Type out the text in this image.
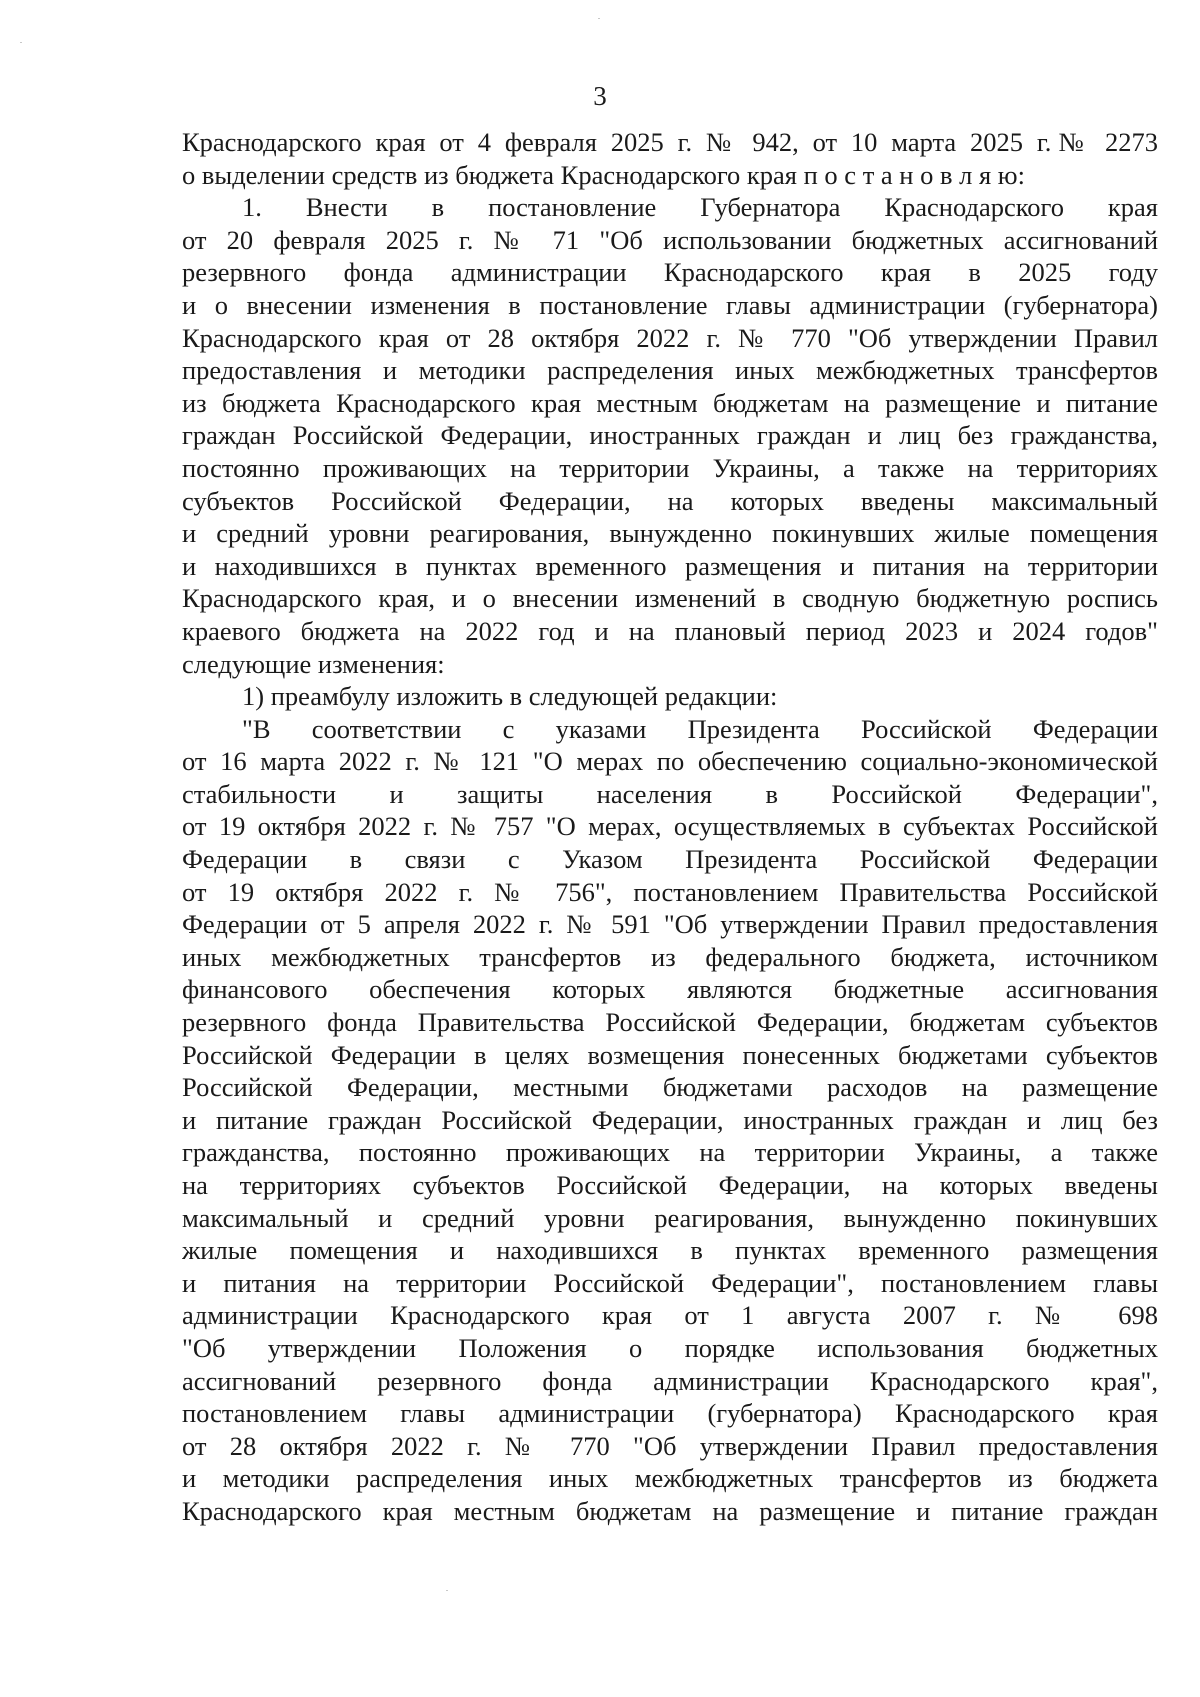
3
Краснодарского края от 4 февраля 2025 г. № 942, от 10 марта 2025 г.№ 2273
о выделении средств из бюджета Краснодарского края п о с т а н о в л я ю:
1. Внести в постановление Губернатора Краснодарского края
от 20 февраля 2025 г. № 71 "Об использовании бюджетных ассигнований
резервного фонда администрации Краснодарского края в 2025 году
и о внесении изменения в постановление главы администрации (губернатора)
Краснодарского края от 28 октября 2022 г. № 770 "Об утверждении Правил
предоставления и методики распределения иных межбюджетных трансфертов
из бюджета Краснодарского края местным бюджетам на размещение и питание
граждан Российской Федерации, иностранных граждан и лиц без гражданства,
постоянно проживающих на территории Украины, а также на территориях
субъектов Российской Федерации, на которых введены максимальный
и средний уровни реагирования, вынужденно покинувших жилые помещения
и находившихся в пунктах временного размещения и питания на территории
Краснодарского края, и о внесении изменений в сводную бюджетную роспись
краевого бюджета на 2022 год и на плановый период 2023 и 2024 годов"
следующие изменения:
1) преамбулу изложить в следующей редакции:
"В соответствии с указами Президента Российской Федерации
от 16 марта 2022 г. № 121 "О мерах по обеспечению социально-экономической
стабильности и защиты населения в Российской Федерации",
от 19 октября 2022 г. № 757 "О мерах, осуществляемых в субъектах Российской
Федерации в связи с Указом Президента Российской Федерации
от 19 октября 2022 г. № 756", постановлением Правительства Российской
Федерации от 5 апреля 2022 г. № 591 "Об утверждении Правил предоставления
иных межбюджетных трансфертов из федерального бюджета, источником
финансового обеспечения которых являются бюджетные ассигнования
резервного фонда Правительства Российской Федерации, бюджетам субъектов
Российской Федерации в целях возмещения понесенных бюджетами субъектов
Российской Федерации, местными бюджетами расходов на размещение
и питание граждан Российской Федерации, иностранных граждан и лиц без
гражданства, постоянно проживающих на территории Украины, а также
на территориях субъектов Российской Федерации, на которых введены
максимальный и средний уровни реагирования, вынужденно покинувших
жилые помещения и находившихся в пунктах временного размещения
и питания на территории Российской Федерации", постановлением главы
администрации Краснодарского края от 1 августа 2007 г. № 698
"Об утверждении Положения о порядке использования бюджетных
ассигнований резервного фонда администрации Краснодарского края",
постановлением главы администрации (губернатора) Краснодарского края
от 28 октября 2022 г. № 770 "Об утверждении Правил предоставления
и методики распределения иных межбюджетных трансфертов из бюджета
Краснодарского края местным бюджетам на размещение и питание граждан
